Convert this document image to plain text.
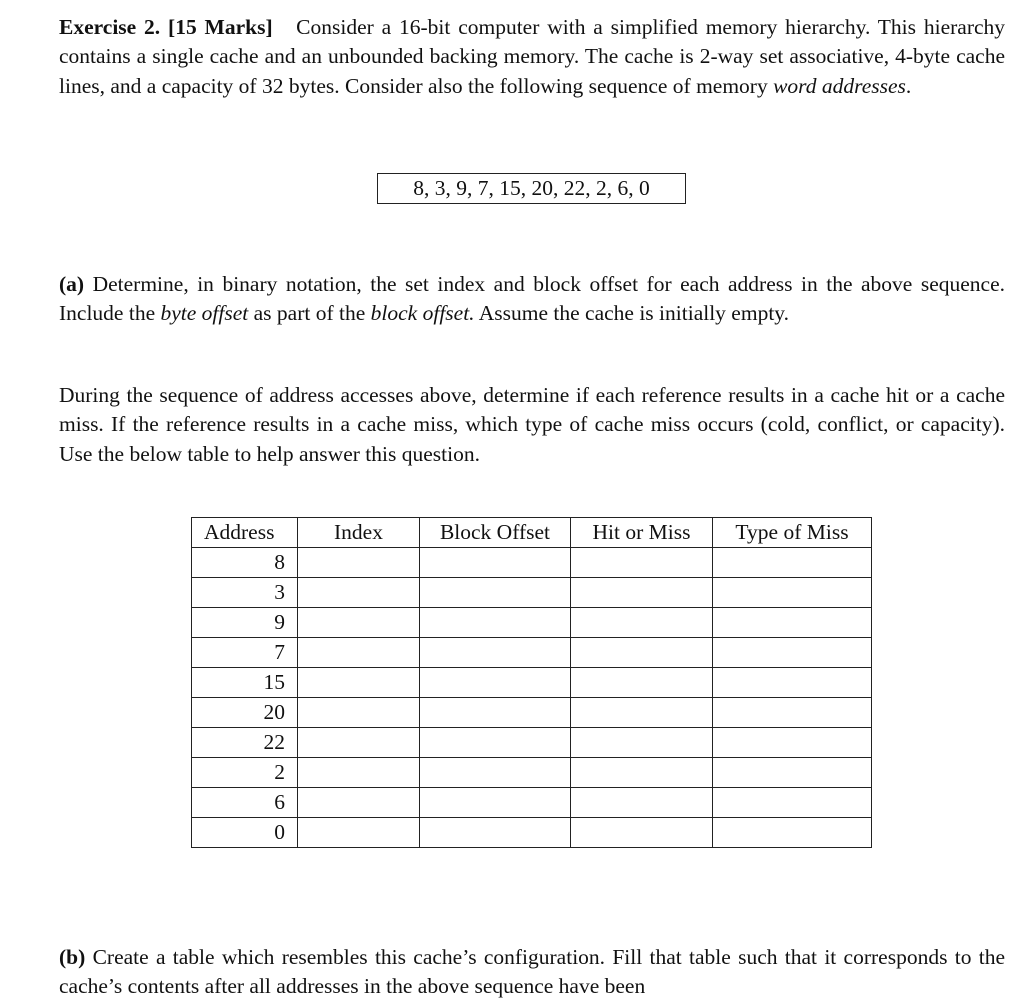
Exercise 2. [15 Marks] Consider a 16-bit computer with a simplified memory hierarchy. This hierarchy contains a single cache and an unbounded backing memory. The cache is 2-way set associative, 4-byte cache lines, and a capacity of 32 bytes. Consider also the following sequence of memory word addresses.

8, 3, 9, 7, 15, 20, 22, 2, 6, 0

(a) Determine, in binary notation, the set index and block offset for each address in the above sequence. Include the byte offset as part of the block offset. Assume the cache is initially empty.

During the sequence of address accesses above, determine if each reference results in a cache hit or a cache miss. If the reference results in a cache miss, which type of cache miss occurs (cold, conflict, or capacity). Use the below table to help answer this question.

Address	Index	Block Offset	Hit or Miss	Type of Miss
8				
3				
9				
7				
15				
20				
22				
2				
6				
0				

(b) Create a table which resembles this cache’s configuration. Fill that table such that it corresponds to the cache’s contents after all addresses in the above sequence have been
